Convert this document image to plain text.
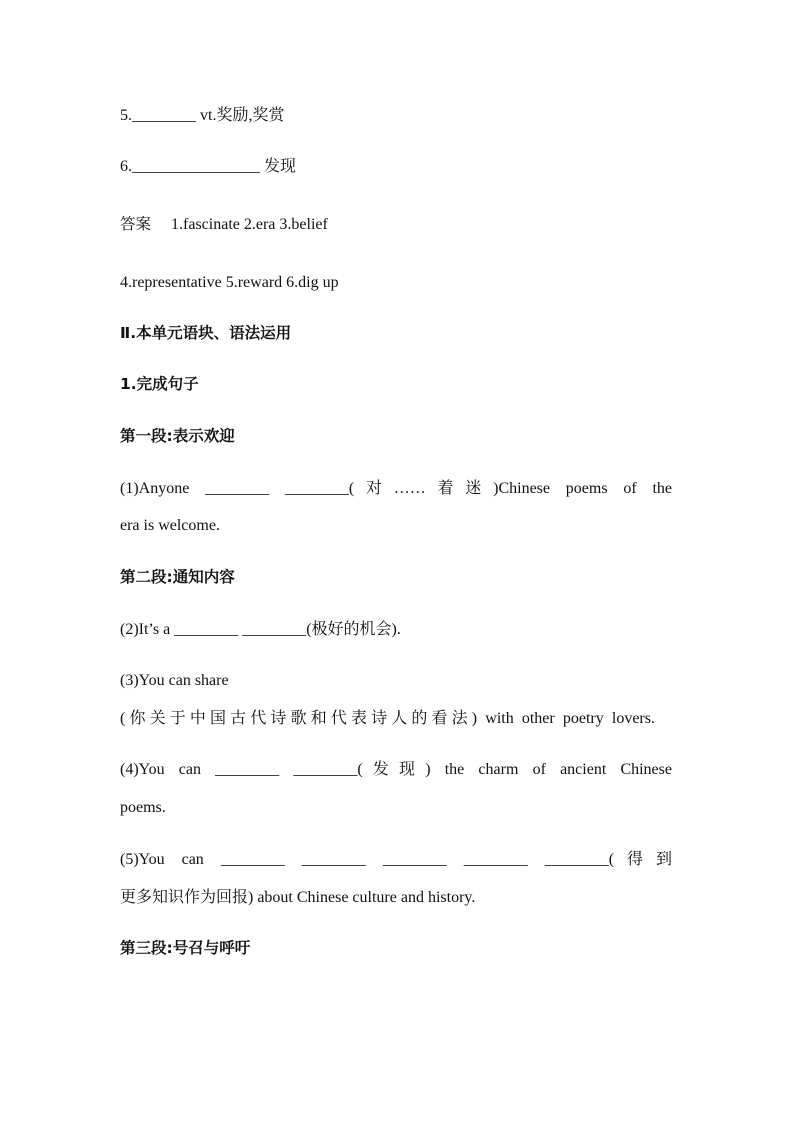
5.________ vt.奖励,奖赏
6.________________ 发现
答案 1.fascinate 2.era 3.belief
4.representative 5.reward 6.dig up
Ⅱ.本单元语块、语法运用
1.完成句子
第一段:表示欢迎
(1)Anyone ________ ________(对……着迷)Chinese poems of the
era is welcome.
第二段:通知内容
(2)It’s a ________ ________(极好的机会).
(3)You can share
(你关于中国古代诗歌和代表诗人的看法) with other poetry lovers.
(4)You can ________ ________(发现) the charm of ancient Chinese
poems.
(5)You can ________ ________ ________ ________ ________(得到
更多知识作为回报) about Chinese culture and history.
第三段:号召与呼吁
